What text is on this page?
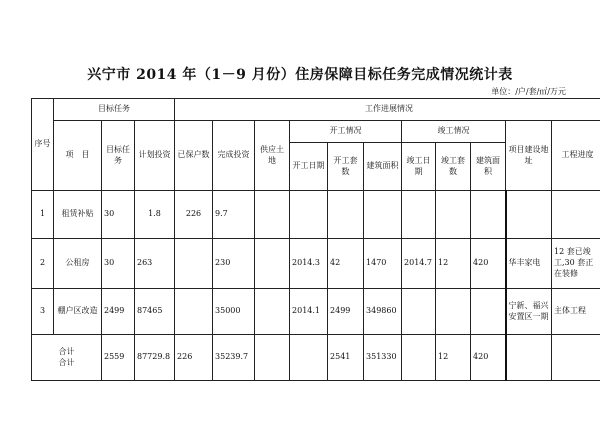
兴宁市 2014 年（1－9 月份）住房保障目标任务完成情况统计表
单位：/户/套/㎡/万元
序号	目标任务			工作进展情况										
	项　目	目标任务	计划投资	已保户数	完成投资	供应土地	开工情况			竣工情况			项目建设地址	工程进度
							开工日期	开工套数	建筑面积	竣工日期	竣工套数	建筑面积		
1	租赁补贴	30	1.8	226	9.7									
2	公租房	30	263		230		2014.3	42	1470	2014.7	12	420	华丰家电	12 套已竣工,30 套正在装修
3	棚户区改造	2499	87465		35000		2014.1	2499	349860				宁新、福兴安置区一期	主体工程

合计
合计		2559	87729.8	226	35239.7			2541	351330		12	420		
